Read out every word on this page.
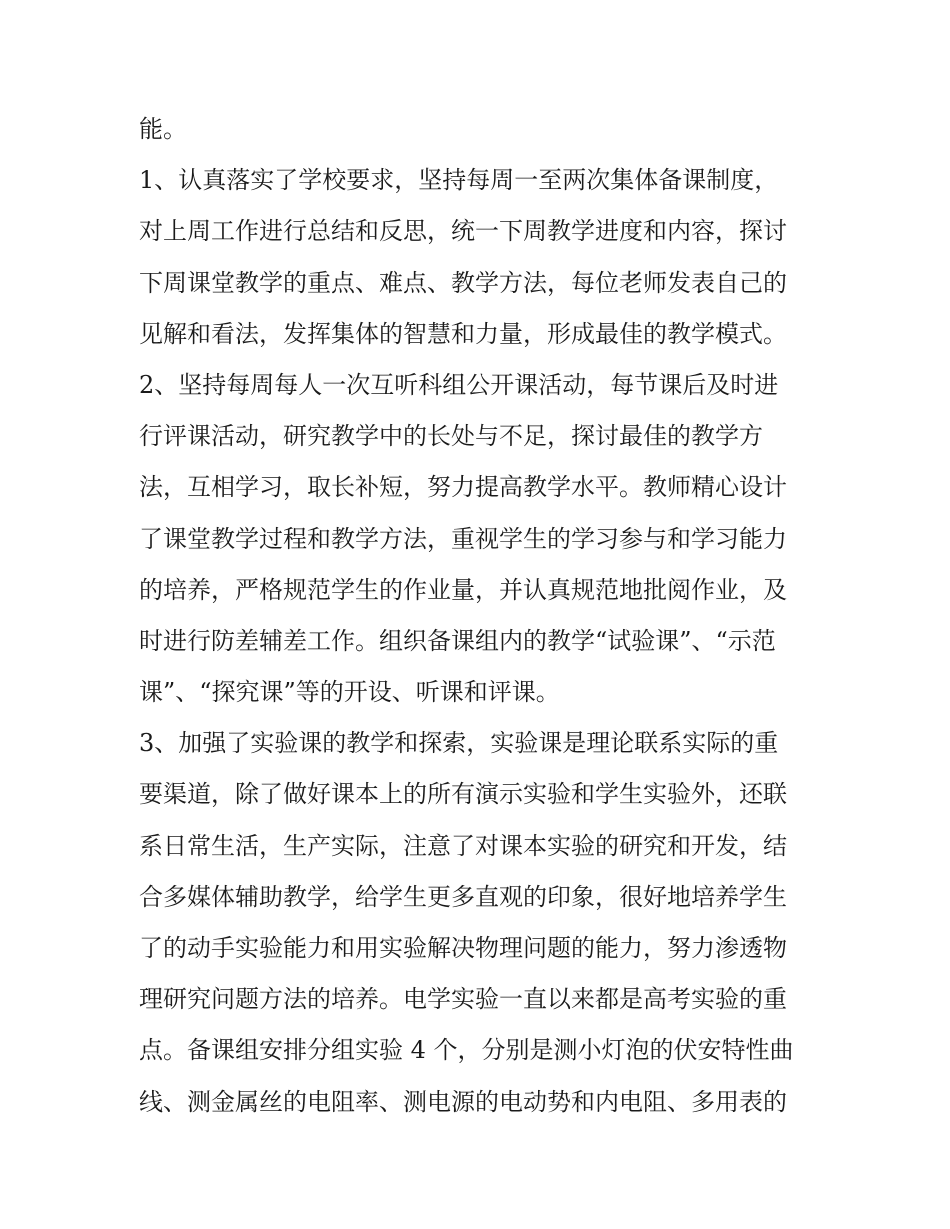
能。
1、认真落实了学校要求，坚持每周一至两次集体备课制度，
对上周工作进行总结和反思，统一下周教学进度和内容，探讨
下周课堂教学的重点、难点、教学方法，每位老师发表自己的
见解和看法，发挥集体的智慧和力量，形成最佳的教学模式。
2、坚持每周每人一次互听科组公开课活动，每节课后及时进
行评课活动，研究教学中的长处与不足，探讨最佳的教学方
法，互相学习，取长补短，努力提高教学水平。教师精心设计
了课堂教学过程和教学方法，重视学生的学习参与和学习能力
的培养，严格规范学生的作业量，并认真规范地批阅作业，及
时进行防差辅差工作。组织备课组内的教学“试验课”、“示范
课”、“探究课”等的开设、听课和评课。
3、加强了实验课的教学和探索，实验课是理论联系实际的重
要渠道，除了做好课本上的所有演示实验和学生实验外，还联
系日常生活，生产实际，注意了对课本实验的研究和开发，结
合多媒体辅助教学，给学生更多直观的印象，很好地培养学生
了的动手实验能力和用实验解决物理问题的能力，努力渗透物
理研究问题方法的培养。电学实验一直以来都是高考实验的重
点。备课组安排分组实验 4 个，分别是测小灯泡的伏安特性曲
线、测金属丝的电阻率、测电源的电动势和内电阻、多用表的
